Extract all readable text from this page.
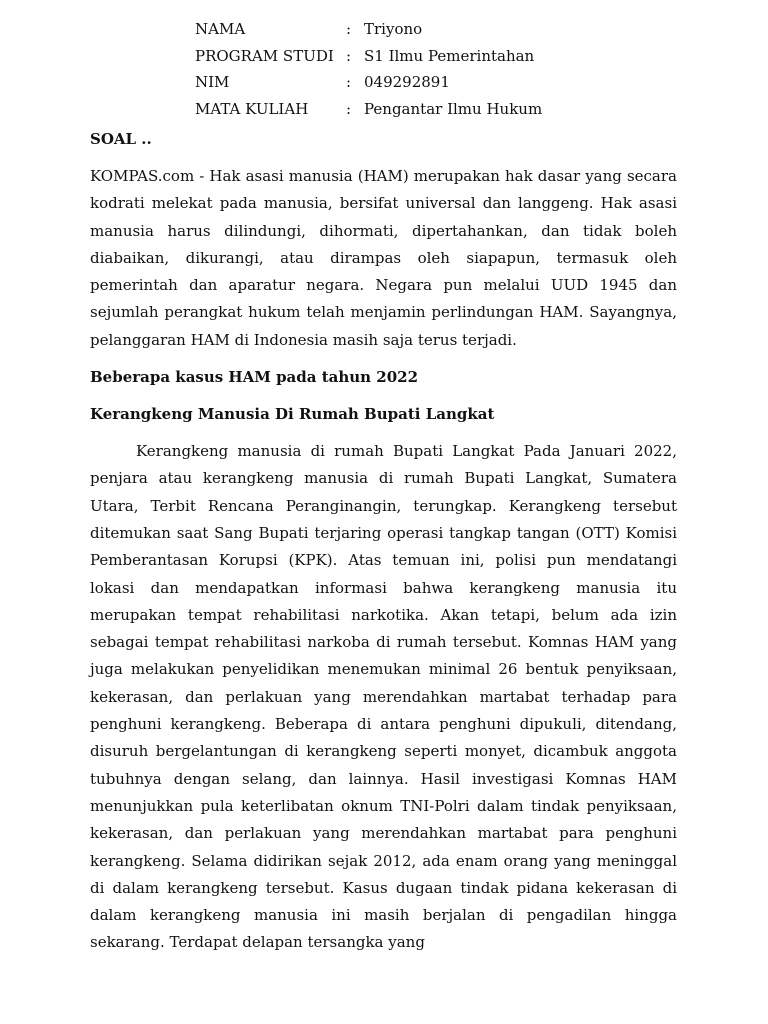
NAMA	: Triyono
PROGRAM STUDI : S1 Ilmu Pemerintahan
NIM	: 049292891
MATA KULIAH	: Pengantar Ilmu Hukum

SOAL ..

KOMPAS.com - Hak asasi manusia (HAM) merupakan hak dasar yang secara kodrati melekat pada manusia, bersifat universal dan langgeng. Hak asasi manusia harus dilindungi, dihormati, dipertahankan, dan tidak boleh diabaikan, dikurangi, atau dirampas oleh siapapun, termasuk oleh pemerintah dan aparatur negara. Negara pun melalui UUD 1945 dan sejumlah perangkat hukum telah menjamin perlindungan HAM. Sayangnya, pelanggaran HAM di Indonesia masih saja terus terjadi.

Beberapa kasus HAM pada tahun 2022

Kerangkeng Manusia Di Rumah Bupati Langkat

Kerangkeng manusia di rumah Bupati Langkat Pada Januari 2022, penjara atau kerangkeng manusia di rumah Bupati Langkat, Sumatera Utara, Terbit Rencana Peranginangin, terungkap. Kerangkeng tersebut ditemukan saat Sang Bupati terjaring operasi tangkap tangan (OTT) Komisi Pemberantasan Korupsi (KPK). Atas temuan ini, polisi pun mendatangi lokasi dan mendapatkan informasi bahwa kerangkeng manusia itu merupakan tempat rehabilitasi narkotika. Akan tetapi, belum ada izin sebagai tempat rehabilitasi narkoba di rumah tersebut. Komnas HAM yang juga melakukan penyelidikan menemukan minimal 26 bentuk penyiksaan, kekerasan, dan perlakuan yang merendahkan martabat terhadap para penghuni kerangkeng. Beberapa di antara penghuni dipukuli, ditendang, disuruh bergelantungan di kerangkeng seperti monyet, dicambuk anggota tubuhnya dengan selang, dan lainnya. Hasil investigasi Komnas HAM menunjukkan pula keterlibatan oknum TNI-Polri dalam tindak penyiksaan, kekerasan, dan perlakuan yang merendahkan martabat para penghuni kerangkeng. Selama didirikan sejak 2012, ada enam orang yang meninggal di dalam kerangkeng tersebut. Kasus dugaan tindak pidana kekerasan di dalam kerangkeng manusia ini masih berjalan di pengadilan hingga sekarang. Terdapat delapan tersangka yang
